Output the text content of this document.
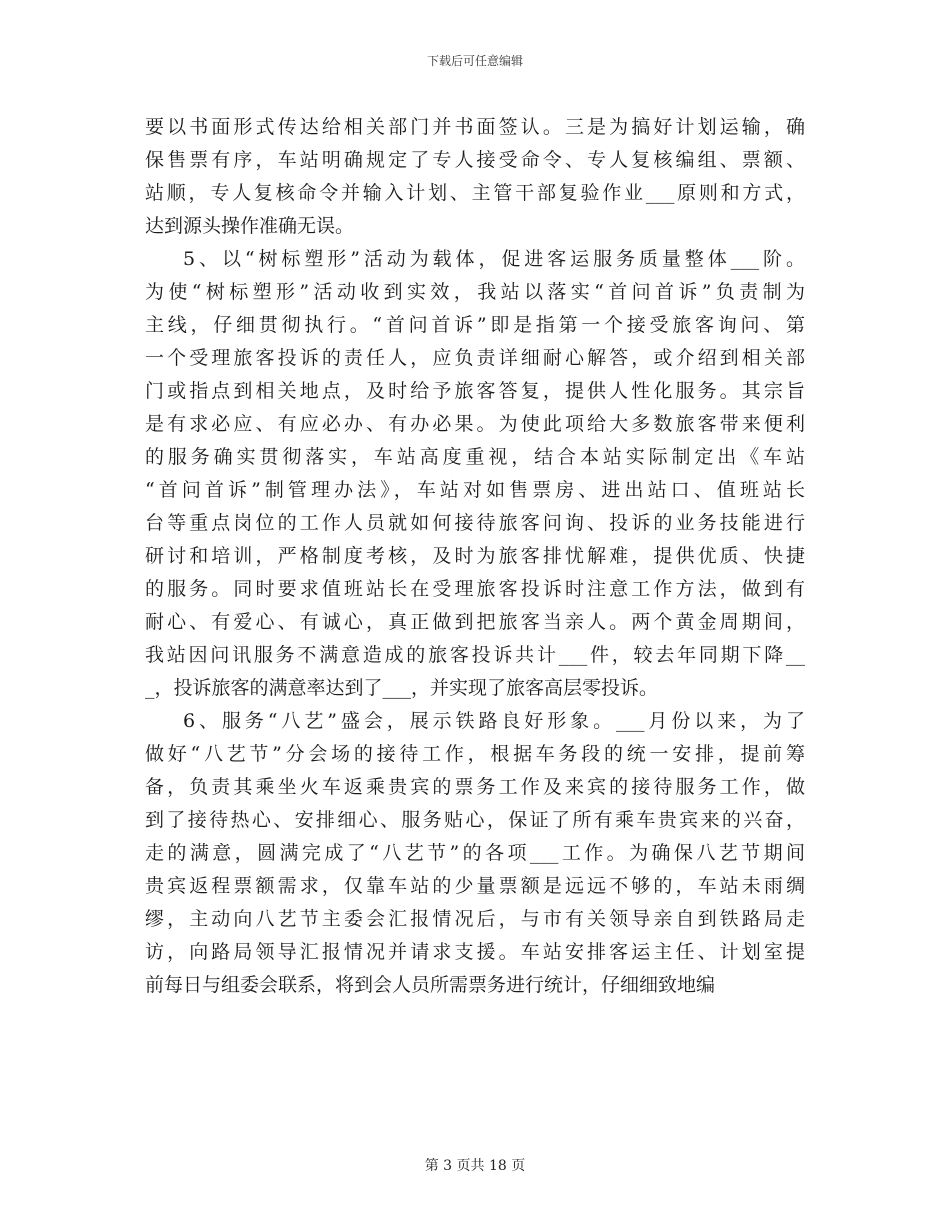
下载后可任意编辑
要以书面形式传达给相关部门并书面签认。三是为搞好计划运输，确
保售票有序，车站明确规定了专人接受命令、专人复核编组、票额、
站顺，专人复核命令并输入计划、主管干部复验作业___原则和方式，
达到源头操作准确无误。
5、以“树标塑形”活动为载体，促进客运服务质量整体___阶。
为使“树标塑形”活动收到实效，我站以落实“首问首诉”负责制为
主线，仔细贯彻执行。“首问首诉”即是指第一个接受旅客询问、第
一个受理旅客投诉的责任人，应负责详细耐心解答，或介绍到相关部
门或指点到相关地点，及时给予旅客答复，提供人性化服务。其宗旨
是有求必应、有应必办、有办必果。为使此项给大多数旅客带来便利
的服务确实贯彻落实，车站高度重视，结合本站实际制定出《车站
“首问首诉”制管理办法》，车站对如售票房、进出站口、值班站长
台等重点岗位的工作人员就如何接待旅客问询、投诉的业务技能进行
研讨和培训，严格制度考核，及时为旅客排忧解难，提供优质、快捷
的服务。同时要求值班站长在受理旅客投诉时注意工作方法，做到有
耐心、有爱心、有诚心，真正做到把旅客当亲人。两个黄金周期间，
我站因问讯服务不满意造成的旅客投诉共计___件，较去年同期下降__
_，投诉旅客的满意率达到了___，并实现了旅客高层零投诉。
6、服务“八艺”盛会，展示铁路良好形象。___月份以来，为了
做好“八艺节”分会场的接待工作，根据车务段的统一安排，提前筹
备，负责其乘坐火车返乘贵宾的票务工作及来宾的接待服务工作，做
到了接待热心、安排细心、服务贴心，保证了所有乘车贵宾来的兴奋，
走的满意，圆满完成了“八艺节”的各项___工作。为确保八艺节期间
贵宾返程票额需求，仅靠车站的少量票额是远远不够的，车站未雨绸
缪，主动向八艺节主委会汇报情况后，与市有关领导亲自到铁路局走
访，向路局领导汇报情况并请求支援。车站安排客运主任、计划室提
前每日与组委会联系，将到会人员所需票务进行统计，仔细细致地编
第 3 页共 18 页
